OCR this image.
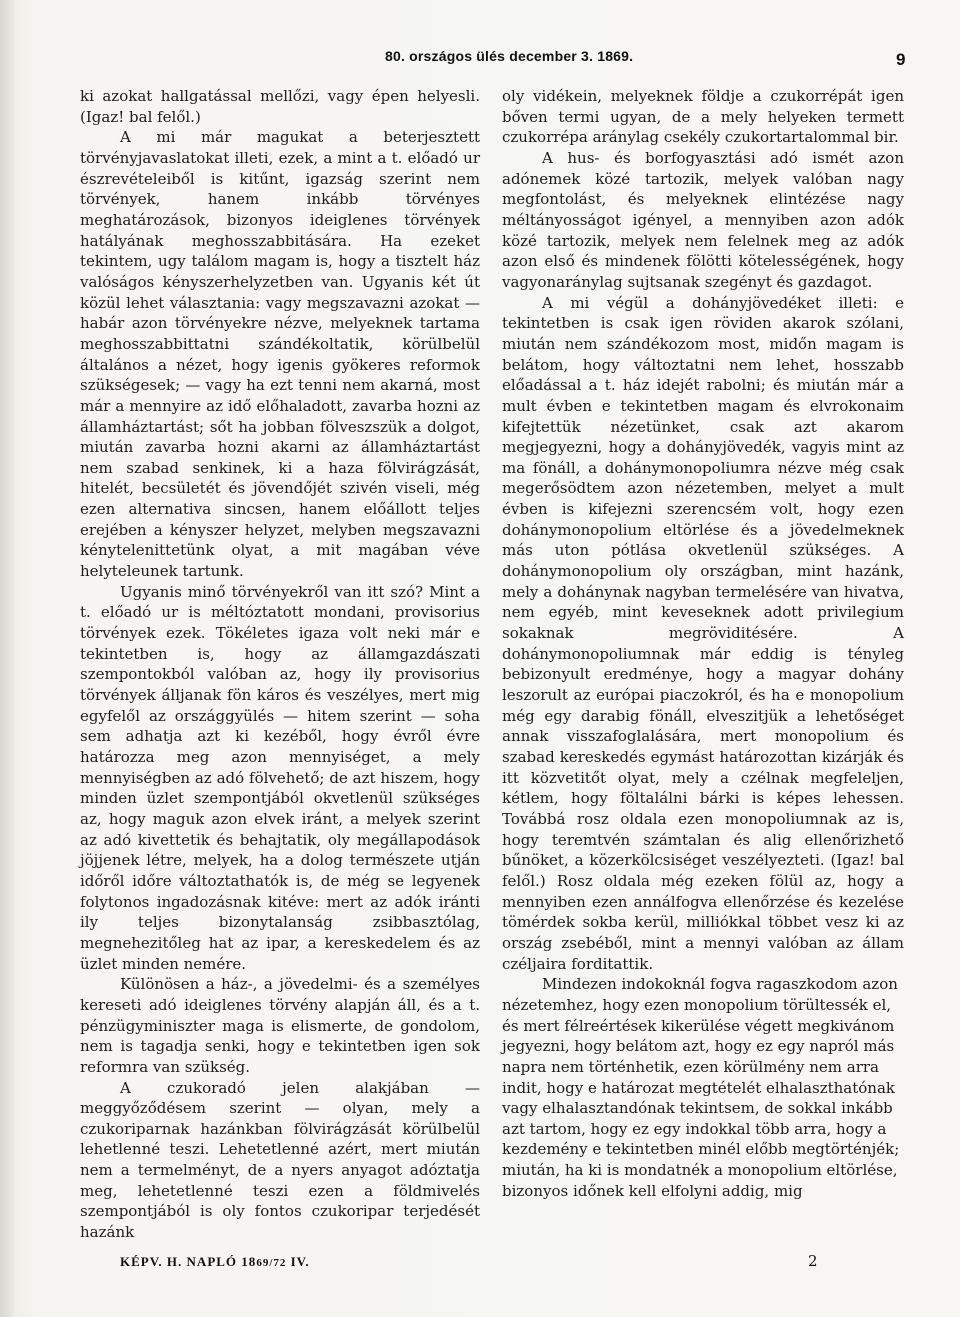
80. országos ülés december 3. 1869.	9

ki azokat hallgatással mellőzi, vagy épen helyesli. (Igaz! bal felől.)

A mi már magukat a beterjesztett törvényjavaslatokat illeti, ezek, a mint a t. előadó ur észrevételeiből is kitűnt, igazság szerint nem törvények, hanem inkább törvényes meghatározások, bizonyos ideiglenes törvények hatályának meghosszabbitására. Ha ezeket tekintem, ugy találom magam is, hogy a tisztelt ház valóságos kényszerhelyzetben van. Ugyanis két út közül lehet választania: vagy megszavazni azokat — habár azon törvényekre nézve, melyeknek tartama meghosszabbittatni szándékoltatik, körülbelül általános a nézet, hogy igenis gyökeres reformok szükségesek; — vagy ha ezt tenni nem akarná, most már a mennyire az idő előhaladott, zavarba hozni az államháztartást; sőt ha jobban fölveszszük a dolgot, miután zavarba hozni akarni az államháztartást nem szabad senkinek, ki a haza fölvirágzását, hitelét, becsületét és jövendőjét szivén viseli, még ezen alternativa sincsen, hanem előállott teljes erejében a kényszer helyzet, melyben megszavazni kénytelenittetünk olyat, a mit magában véve helyteleunek tartunk.

Ugyanis minő törvényekről van itt szó? Mint a t. előadó ur is méltóztatott mondani, provisorius törvények ezek. Tökéletes igaza volt neki már e tekintetben is, hogy az államgazdászati szempontokból valóban az, hogy ily provisorius törvények álljanak fön káros és veszélyes, mert mig egyfelől az országgyülés — hitem szerint — soha sem adhatja azt ki kezéből, hogy évről évre határozza meg azon mennyiséget, a mely mennyiségben az adó fölvehető; de azt hiszem, hogy minden üzlet szempontjából okvetlenül szükséges az, hogy maguk azon elvek iránt, a melyek szerint az adó kivettetik és behajtatik, oly megállapodások jöjjenek létre, melyek, ha a dolog természete utján időről időre változtathatók is, de még se legyenek folytonos ingadozásnak kitéve: mert az adók iránti ily teljes bizonytalanság zsibbasztólag, megnehezitőleg hat az ipar, a kereskedelem és az üzlet minden nemére.

Különösen a ház-, a jövedelmi- és a személyes kereseti adó ideiglenes törvény alapján áll, és a t. pénzügyminiszter maga is elismerte, de gondolom, nem is tagadja senki, hogy e tekintetben igen sok reformra van szükség.

A czukoradó jelen alakjában — meggyőződésem szerint — olyan, mely a czukoriparnak hazánkban fölvirágzását körülbelül lehetlenné teszi. Lehetetlenné azért, mert miután nem a termelményt, de a nyers anyagot adóztatja meg, lehetetlenné teszi ezen a földmivelés szempontjából is oly fontos czukoripar terjedését hazánk

oly vidékein, melyeknek földje a czukorrépát igen bőven termi ugyan, de a mely helyeken termett czukorrépa aránylag csekély czukortartalommal bir.

A hus- és borfogyasztási adó ismét azon adónemek közé tartozik, melyek valóban nagy megfontolást, és melyeknek elintézése nagy méltányosságot igényel, a mennyiben azon adók közé tartozik, melyek nem felelnek meg az adók azon első és mindenek fölötti kötelességének, hogy vagyonaránylag sujtsanak szegényt és gazdagot.

A mi végül a dohányjövedéket illeti: e tekintetben is csak igen röviden akarok szólani, miután nem szándékozom most, midőn magam is belátom, hogy változtatni nem lehet, hosszabb előadással a t. ház idejét rabolni; és miután már a mult évben e tekintetben magam és elvrokonaim kifejtettük nézetünket, csak azt akarom megjegyezni, hogy a dohányjövedék, vagyis mint az ma fönáll, a dohánymonopoliumra nézve még csak megerősödtem azon nézetemben, melyet a mult évben is kifejezni szerencsém volt, hogy ezen dohánymonopolium eltörlése és a jövedelmeknek más uton pótlása okvetlenül szükséges. A dohánymonopolium oly országban, mint hazánk, mely a dohánynak nagyban termelésére van hivatva, nem egyéb, mint keveseknek adott privilegium sokaknak megröviditésére. A dohánymonopoliumnak már eddig is tényleg bebizonyult eredménye, hogy a magyar dohány leszorult az európai piaczokról, és ha e monopolium még egy darabig fönáll, elveszitjük a lehetőséget annak visszafoglalására, mert monopolium és szabad kereskedés egymást határozottan kizárják és itt közvetitőt olyat, mely a czélnak megfeleljen, kétlem, hogy föltalálni bárki is képes lehessen. Továbbá rosz oldala ezen monopoliumnak az is, hogy teremtvén számtalan és alig ellenőrizhető bűnöket, a közerkölcsiséget veszélyezteti. (Igaz! bal felől.) Rosz oldala még ezeken fölül az, hogy a mennyiben ezen annálfogva ellenőrzése és kezelése tömérdek sokba kerül, milliókkal többet vesz ki az ország zsebéből, mint a mennyi valóban az állam czéljaira forditattik.

Mindezen indokoknál fogva ragaszkodom azon nézetemhez, hogy ezen monopolium törültessék el, és mert félreértések kikerülése végett megkivánom jegyezni, hogy belátom azt, hogy ez egy napról más napra nem történhetik, ezen körülmény nem arra indit, hogy e határozat megtételét elhalaszthatónak vagy elhalasztandónak tekintsem, de sokkal inkább azt tartom, hogy ez egy indokkal több arra, hogy a kezdemény e tekintetben minél előbb megtörténjék; miután, ha ki is mondatnék a monopolium eltörlése, bizonyos időnek kell elfolyni addig, mig

KÉPV. H. NAPLÓ 1869/72 IV.	2
